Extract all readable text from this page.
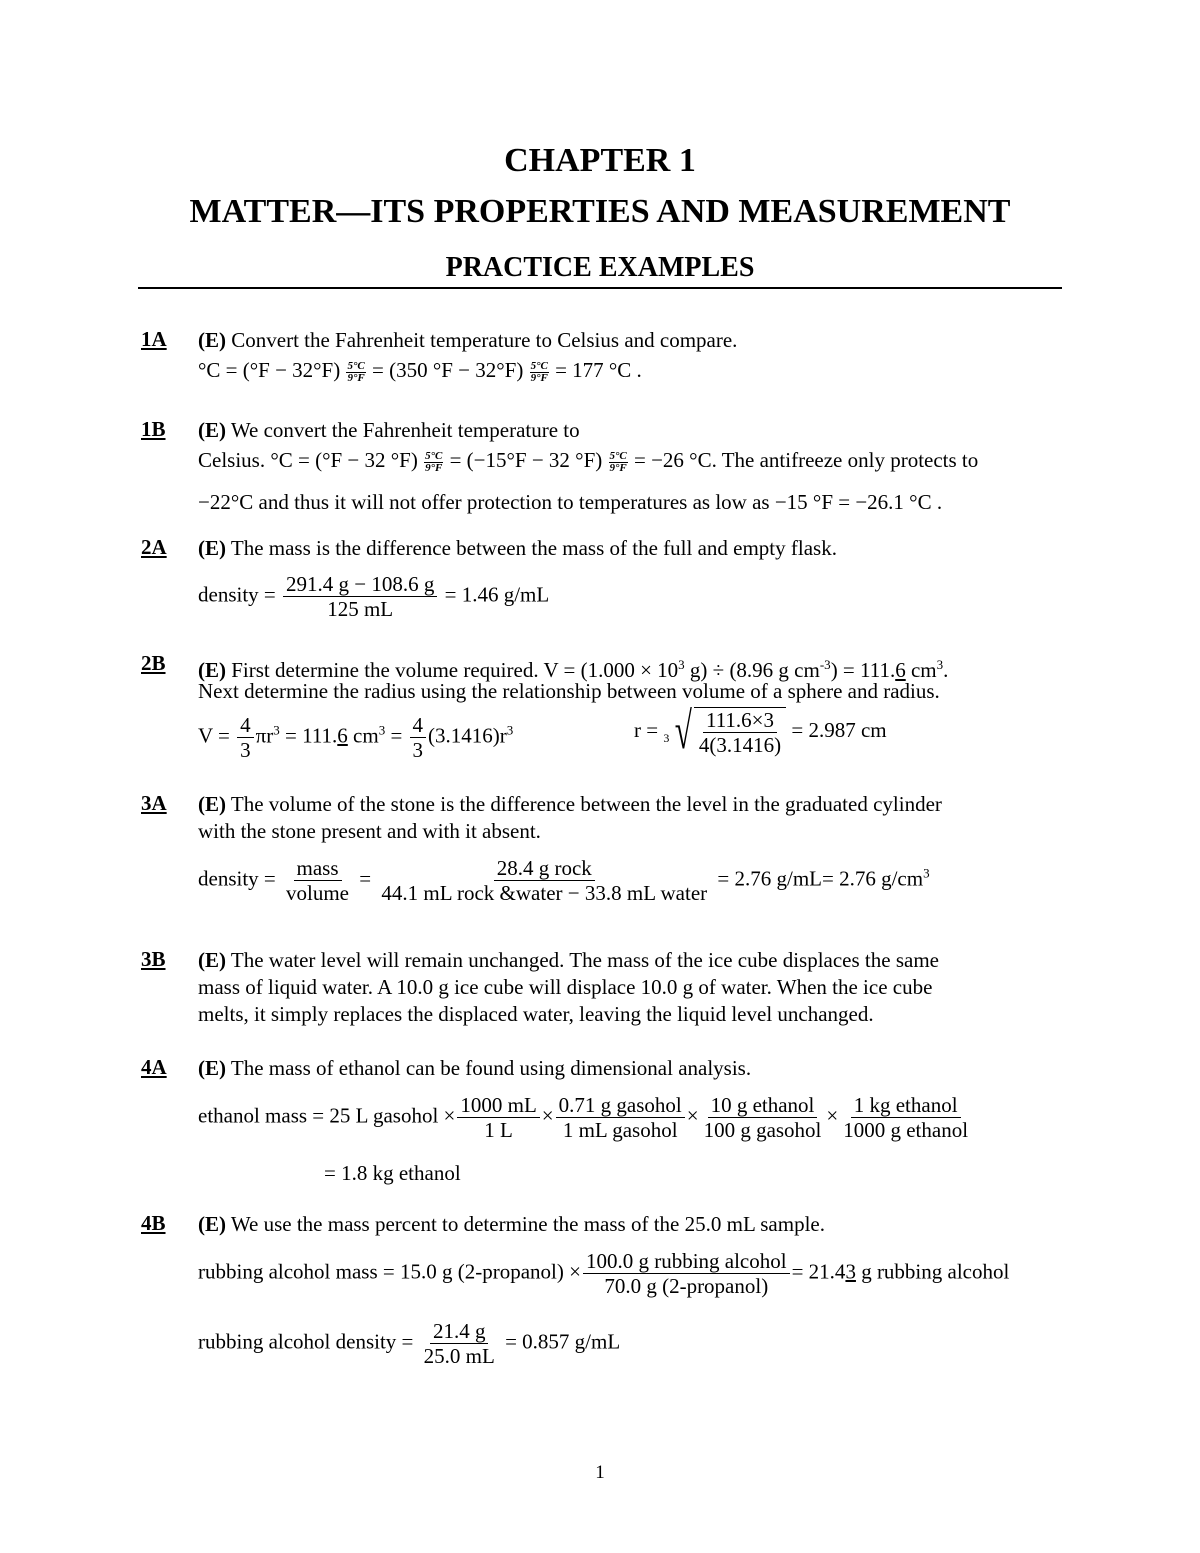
CHAPTER 1
MATTER—ITS PROPERTIES AND MEASUREMENT
PRACTICE EXAMPLES
1A (E) Convert the Fahrenheit temperature to Celsius and compare.
$^\circ C = (^\circ F - 32^\circ F) \frac{5^\circ C}{9^\circ F} = (350$ $^\circ F - 32^\circ F) \frac{5^\circ C}{9^\circ F} = 177$ °C .
1B (E) We convert the Fahrenheit temperature to
Celsius. °C = (°F − 32 $^\circ F) \frac{5^\circ C}{9^\circ F} = (-15^\circ F - 32$ $^\circ F) \frac{5^\circ C}{9^\circ F} = -26$ °C. The antifreeze only protects to
−22°C and thus it will not offer protection to temperatures as low as −15 °F = −26.1 °C .
2A (E) The mass is the difference between the mass of the full and empty flask.
density = $\frac{291.4 g - 108.6 g}{125 mL} = 1.46$ g/mL
2B (E) First determine the volume required. $V = (1.000 \times 10^3$ g) ÷ (8.96 g $cm^{-3}) = 111.6$ $cm^3$.
Next determine the radius using the relationship between volume of a sphere and radius.
$V = \frac{4}{3} \pi r^3 = 111.6$ $cm^3 = \frac{4}{3} (3.1416)r^3$	r = 3 √ $\frac{111.6\times 3}{4(3.1416)} = 2.987$ cm
3A (E) The volume of the stone is the difference between the level in the graduated cylinder
with the stone present and with it absent.
density = $\frac{\text{mass}}{\text{volume}} = \frac{\text{28.4 g rock}}{\text{44.1 mL rock \&water − 33.8 mL water}} = 2.76$ g/mL= 2.76 $g/cm^3$
3B (E) The water level will remain unchanged. The mass of the ice cube displaces the same
mass of liquid water. A 10.0 g ice cube will displace 10.0 g of water. When the ice cube
melts, it simply replaces the displaced water, leaving the liquid level unchanged.
4A (E) The mass of ethanol can be found using dimensional analysis.
ethanol mass = 25 L gasohol × $\frac{1000 mL}{1 L} \times \frac{\text{0.71 g gasohol}}{\text{1 mL gasohol}} \times \frac{\text{10 g ethanol}}{\text{100 g gasohol}} \times \frac{\text{1 kg ethanol}}{\text{1000 g ethanol}}$
= 1.8 kg ethanol
4B (E) We use the mass percent to determine the mass of the 25.0 mL sample.
rubbing alcohol mass = 15.0 g (2-propanol) × $\frac{\text{100.0 g rubbing alcohol}}{\text{70.0 g (2-propanol)}} = 21.43$ g rubbing alcohol
rubbing alcohol density = $\frac{21.4 g}{25.0 mL} = 0.857$ g/mL
1
